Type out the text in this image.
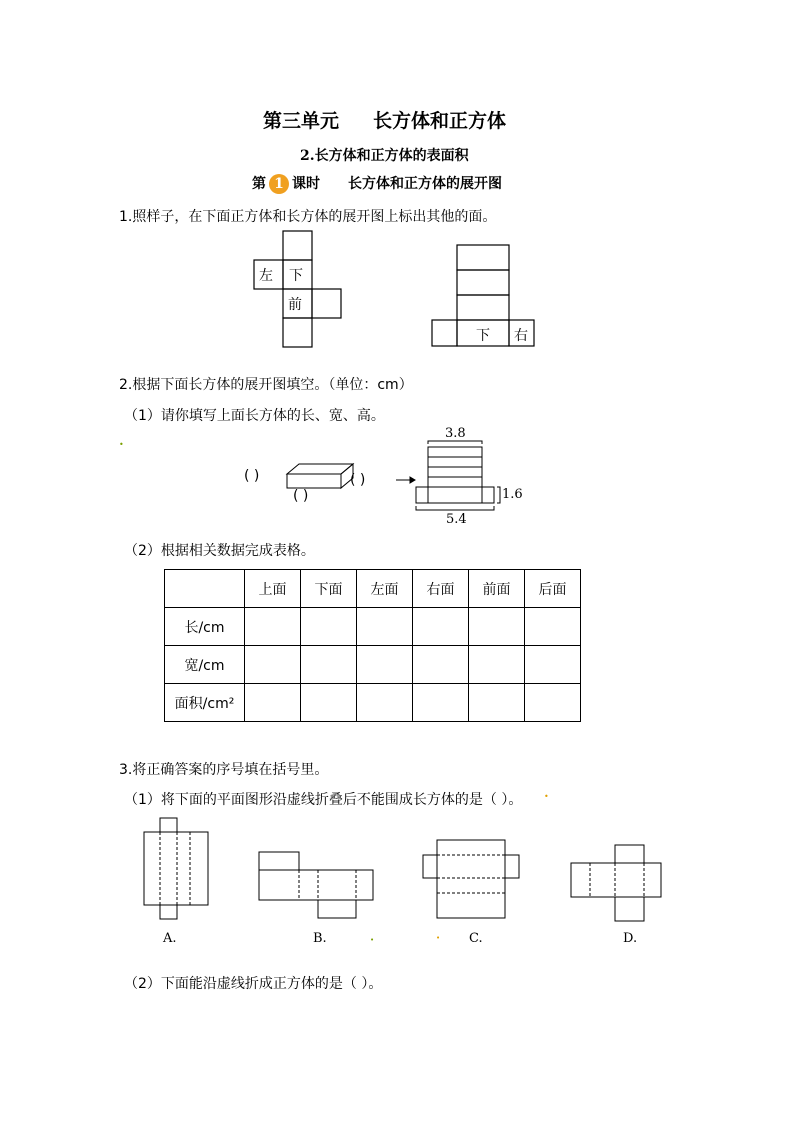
第三单元 长方体和正方体
2.长方体和正方体的表面积
第 1 课时 长方体和正方体的展开图
1.照样子，在下面正方体和长方体的展开图上标出其他的面。
左 下
前
下 右
2.根据下面长方体的展开图填空。（单位：cm）
（1）请你填写上面长方体的长、宽、高。
•
( )
( )
( )
3.8
1.6
5.4
（2）根据相关数据完成表格。
	上面	下面	左面	右面	前面	后面
长/cm						
宽/cm						
面积/cm²						
3.将正确答案的序号填在括号里。
（1）将下面的平面图形沿虚线折叠后不能围成长方体的是（ ）。	•
A.	B.	C.	D.
•
•
（2）下面能沿虚线折成正方体的是（ ）。
